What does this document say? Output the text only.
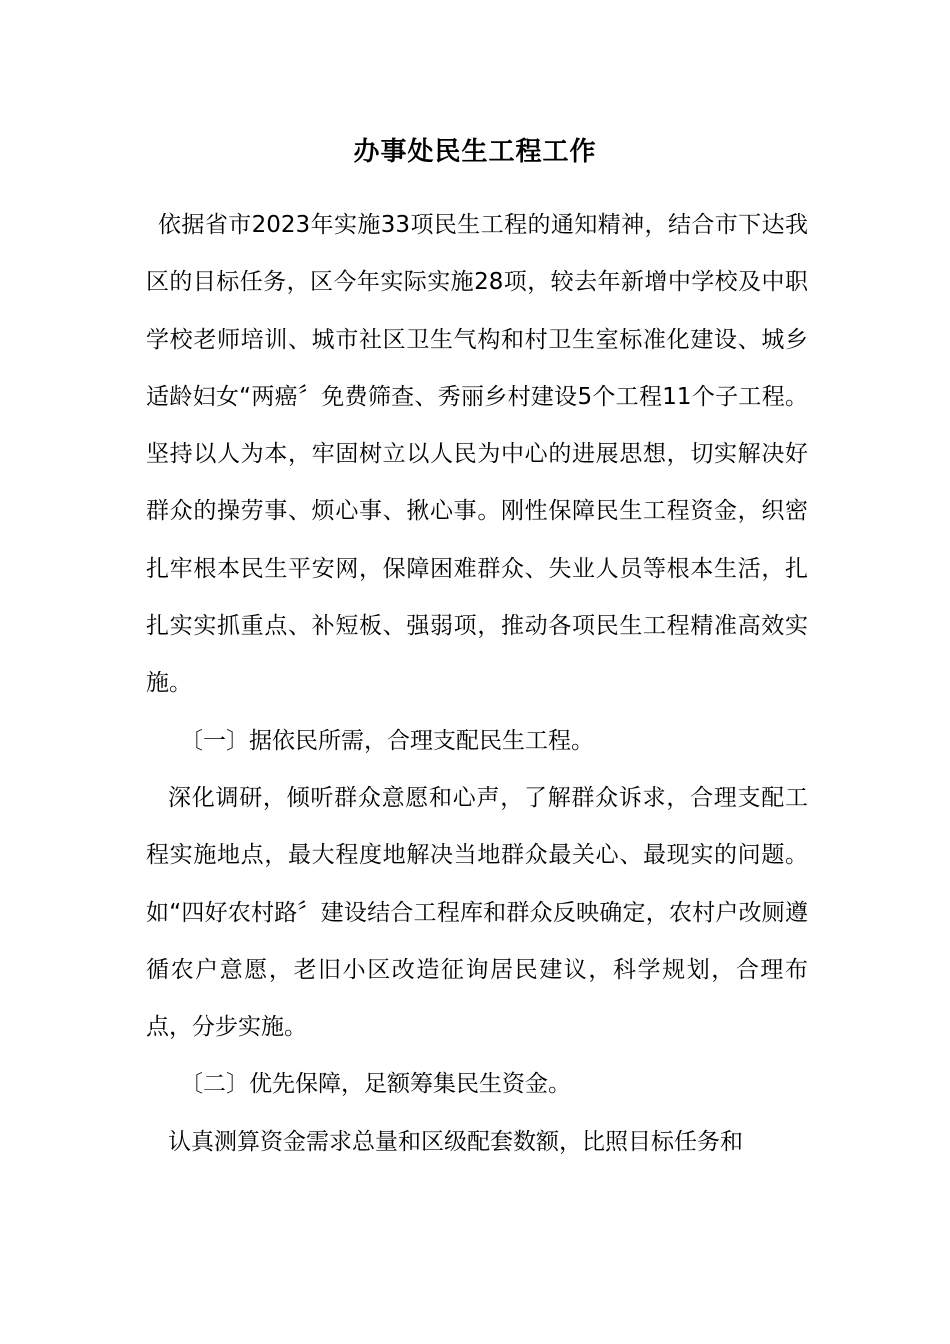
办事处民生工程工作

依据省市2023年实施33项民生工程的通知精神，结合市下达我区的目标任务，区今年实际实施28项，较去年新增中学校及中职学校老师培训、城市社区卫生气构和村卫生室标准化建设、城乡适龄妇女“两癌〞免费筛查、秀丽乡村建设5个工程11个子工程。坚持以人为本，牢固树立以人民为中心的进展思想，切实解决好群众的操劳事、烦心事、揪心事。刚性保障民生工程资金，织密扎牢根本民生平安网，保障困难群众、失业人员等根本生活，扎扎实实抓重点、补短板、强弱项，推动各项民生工程精准高效实施。

〔一〕据依民所需，合理支配民生工程。

深化调研，倾听群众意愿和心声，了解群众诉求，合理支配工程实施地点，最大程度地解决当地群众最关心、最现实的问题。如“四好农村路〞建设结合工程库和群众反映确定，农村户改厕遵循农户意愿，老旧小区改造征询居民建议，科学规划，合理布点，分步实施。

〔二〕优先保障，足额筹集民生资金。

认真测算资金需求总量和区级配套数额，比照目标任务和
